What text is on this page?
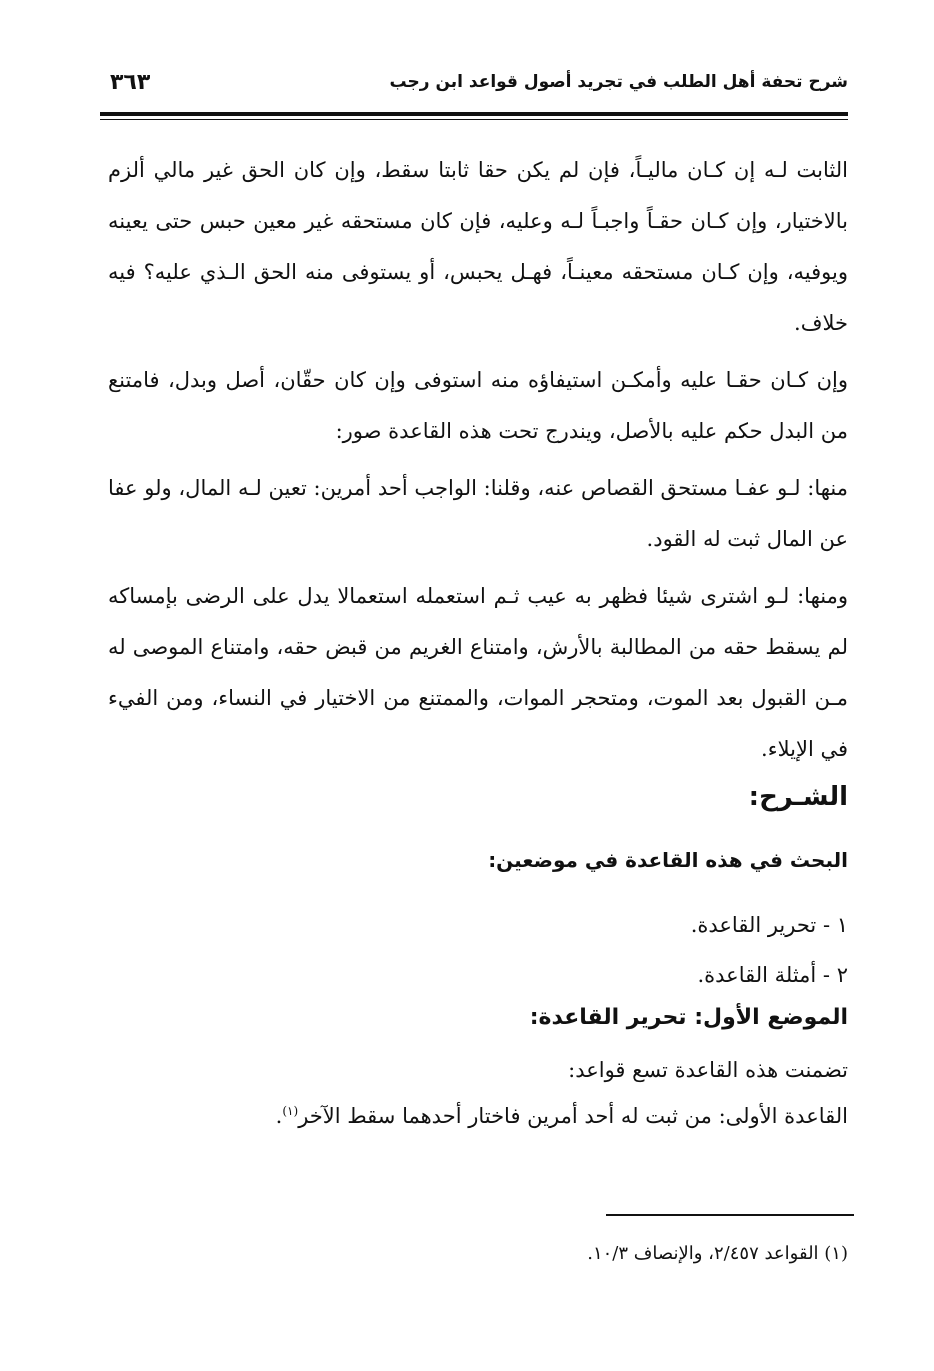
شرح تحفة أهل الطلب في تجريد أصول قواعد ابن رجب
٣٦٣

الثابت لـه إن كـان ماليـاً، فإن لم يكن حقا ثابتا سقط، وإن كان الحق غير مالي ألزم بالاختيار، وإن كـان حقـاً واجبـاً لـه وعليه، فإن كان مستحقه غير معين حبس حتى يعينه ويوفيه، وإن كـان مستحقه معينـاً، فهـل يحبس، أو يستوفى منه الحق الـذي عليه؟ فيه خلاف.

وإن كـان حقـا عليه وأمكـن استيفاؤه منه استوفى وإن كان حقّان، أصل وبدل، فامتنع من البدل حكم عليه بالأصل، ويندرج تحت هذه القاعدة صور:

منها: لـو عفـا مستحق القصاص عنه، وقلنا: الواجب أحد أمرين: تعين لـه المال، ولو عفا عن المال ثبت له القود.

ومنها: لـو اشترى شيئا فظهر به عيب ثـم استعمله استعمالا يدل على الرضى بإمساكه لم يسقط حقه من المطالبة بالأرش، وامتناع الغريم من قبض حقه، وامتناع الموصى له مـن القبول بعد الموت، ومتحجر الموات، والممتنع من الاختيار في النساء، ومن الفيء في الإيلاء.

الشـرح:
البحث في هذه القاعدة في موضعين:
١ - تحرير القاعدة.
٢ - أمثلة القاعدة.
الموضع الأول: تحرير القاعدة:
تضمنت هذه القاعدة تسع قواعد:
القاعدة الأولى: من ثبت له أحد أمرين فاختار أحدهما سقط الآخر$^{(١)}$.
(١) القواعد ٢/٤٥٧، والإنصاف ١٠/٣.
